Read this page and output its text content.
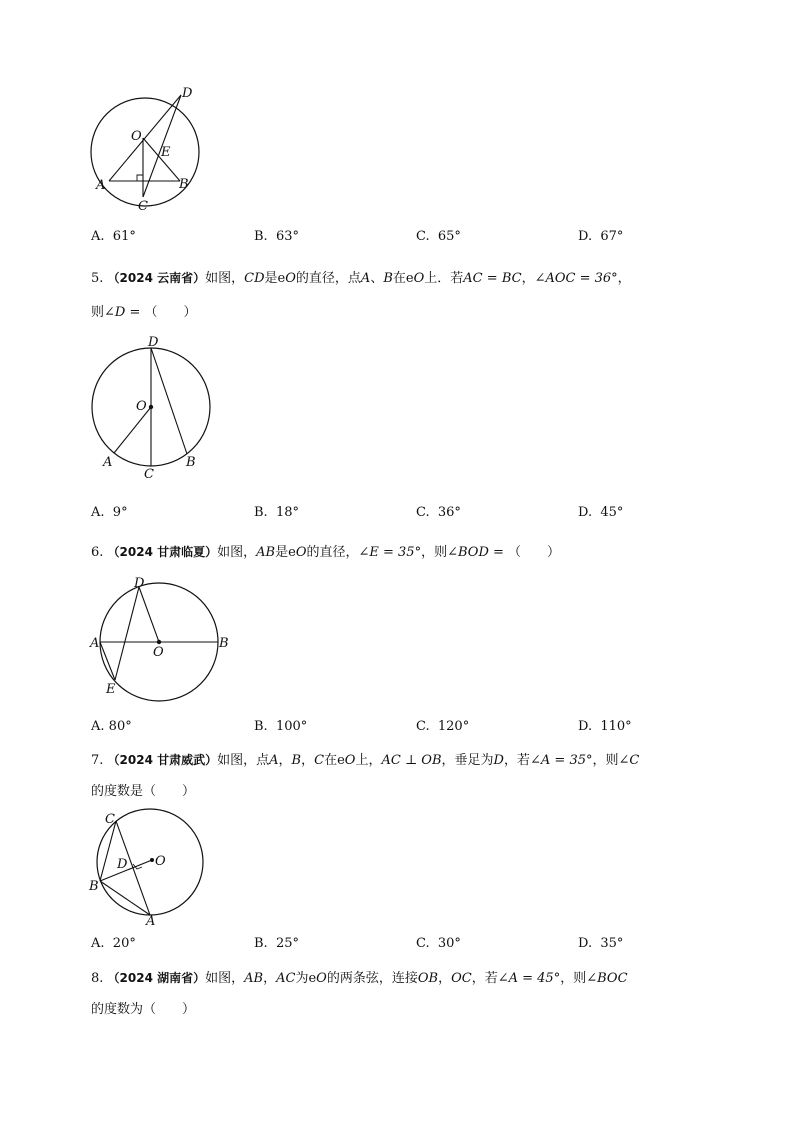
D
O
E
A
C
B
A. 61°	B. 63°	C. 65°	D. 67°
5. （2024 云南省）如图，CD是eO的直径，点A、B在eO上．若AC = BC，∠AOC = 36°，
则∠D = （　　）
D
O
A
C
B
A. 9°	B. 18°	C. 36°	D. 45°
6. （2024 甘肃临夏）如图，AB是eO的直径，∠E = 35°，则∠BOD = （　　）
D
A
O
B
E
A. 80°	B. 100°	C. 120°	D. 110°
7. （2024 甘肃威武）如图，点A，B，C在eO上，AC ⊥ OB，垂足为D，若∠A = 35°，则∠C
的度数是（　　）
C
D O
B
A
A. 20°	B. 25°	C. 30°	D. 35°
8. （2024 湖南省）如图，AB，AC为eO的两条弦，连接OB，OC，若∠A = 45°，则∠BOC
的度数为（　　）
